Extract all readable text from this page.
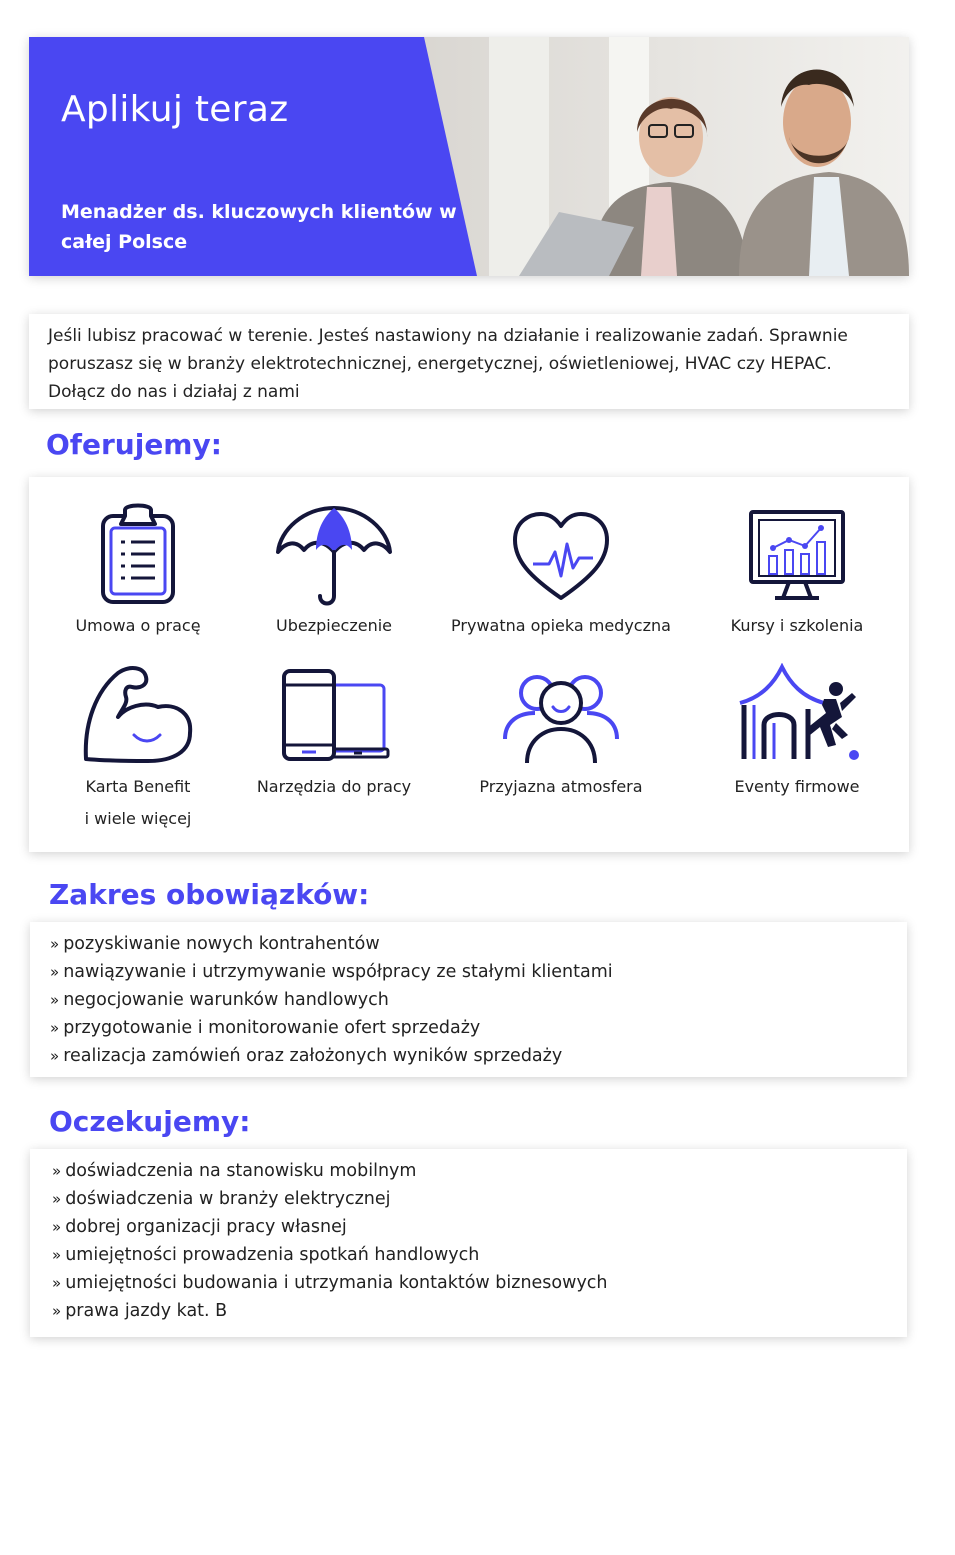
Aplikuj teraz

Menadżer ds. kluczowych klientów w całej Polsce

Jeśli lubisz pracować w terenie. Jesteś nastawiony na działanie i realizowanie zadań. Sprawnie poruszasz się w branży elektrotechnicznej, energetycznej, oświetleniowej, HVAC czy HEPAC. Dołącz do nas i działaj z nami

Oferujemy:
Umowa o pracę	Ubezpieczenie	Prywatna opieka medyczna	Kursy i szkolenia
Karta Benefit
i wiele więcej
Narzędzia do pracy	Przyjazna atmosfera	Eventy firmowe
Zakres obowiązków:
» pozyskiwanie nowych kontrahentów
» nawiązywanie i utrzymywanie współpracy ze stałymi klientami
» negocjowanie warunków handlowych
» przygotowanie i monitorowanie ofert sprzedaży
» realizacja zamówień oraz założonych wyników sprzedaży
Oczekujemy:
» doświadczenia na stanowisku mobilnym
» doświadczenia w branży elektrycznej
» dobrej organizacji pracy własnej
» umiejętności prowadzenia spotkań handlowych
» umiejętności budowania i utrzymania kontaktów biznesowych
» prawa jazdy kat. B
